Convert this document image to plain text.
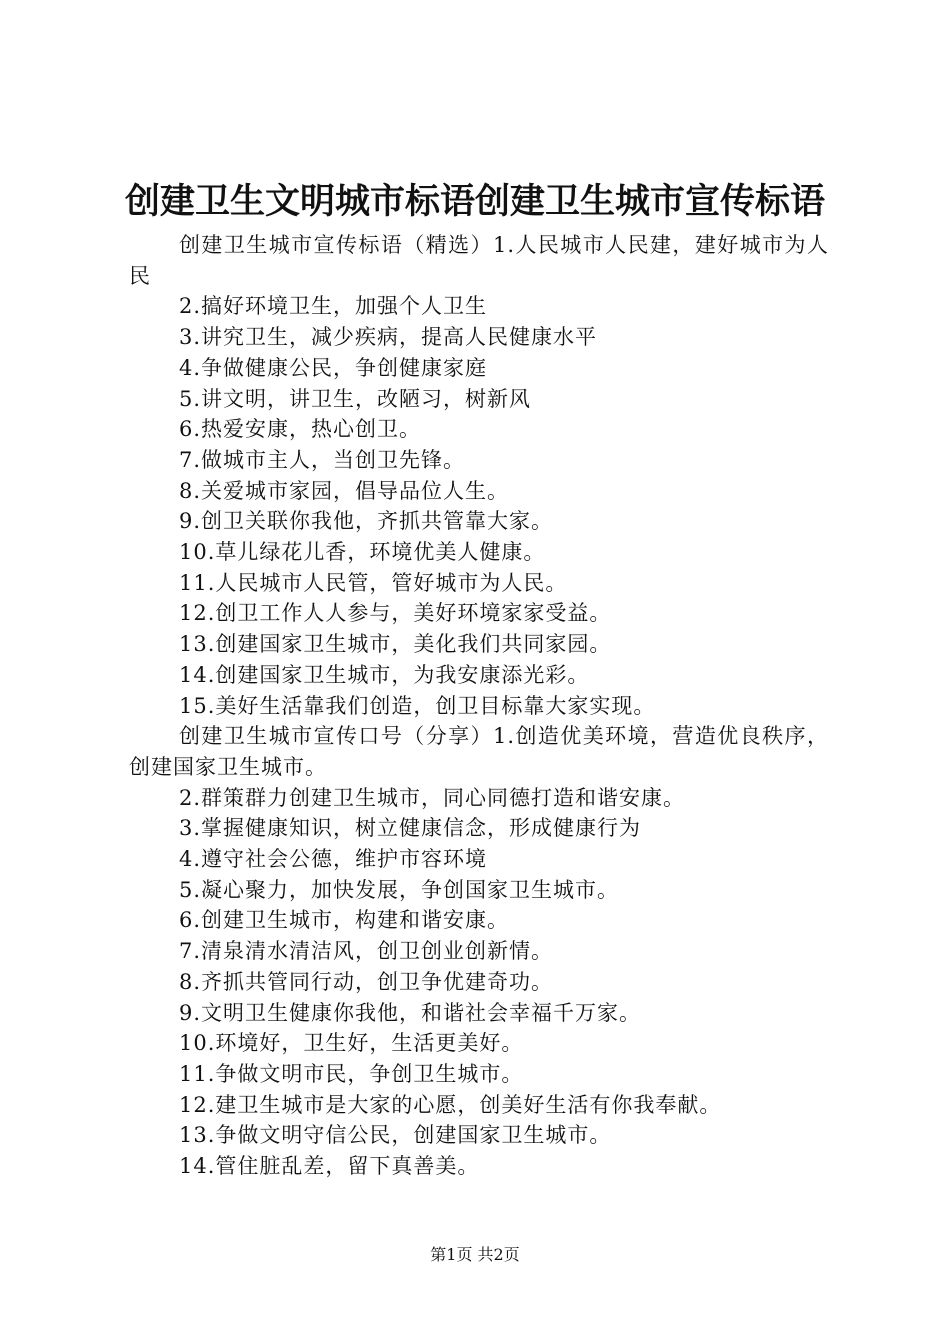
创建卫生文明城市标语创建卫生城市宣传标语

创建卫生城市宣传标语（精选）1.人民城市人民建，建好城市为人民

2.搞好环境卫生，加强个人卫生

3.讲究卫生，减少疾病，提高人民健康水平

4.争做健康公民，争创健康家庭

5.讲文明，讲卫生，改陋习，树新风

6.热爱安康，热心创卫。

7.做城市主人，当创卫先锋。

8.关爱城市家园，倡导品位人生。

9.创卫关联你我他，齐抓共管靠大家。

10.草儿绿花儿香，环境优美人健康。

11.人民城市人民管，管好城市为人民。

12.创卫工作人人参与，美好环境家家受益。

13.创建国家卫生城市，美化我们共同家园。

14.创建国家卫生城市，为我安康添光彩。

15.美好生活靠我们创造，创卫目标靠大家实现。

创建卫生城市宣传口号（分享）1.创造优美环境，营造优良秩序，创建国家卫生城市。

2.群策群力创建卫生城市，同心同德打造和谐安康。

3.掌握健康知识，树立健康信念，形成健康行为

4.遵守社会公德，维护市容环境

5.凝心聚力，加快发展，争创国家卫生城市。

6.创建卫生城市，构建和谐安康。

7.清泉清水清洁风，创卫创业创新情。

8.齐抓共管同行动，创卫争优建奇功。

9.文明卫生健康你我他，和谐社会幸福千万家。

10.环境好，卫生好，生活更美好。

11.争做文明市民，争创卫生城市。

12.建卫生城市是大家的心愿，创美好生活有你我奉献。

13.争做文明守信公民，创建国家卫生城市。

14.管住脏乱差，留下真善美。

第1页 共2页
